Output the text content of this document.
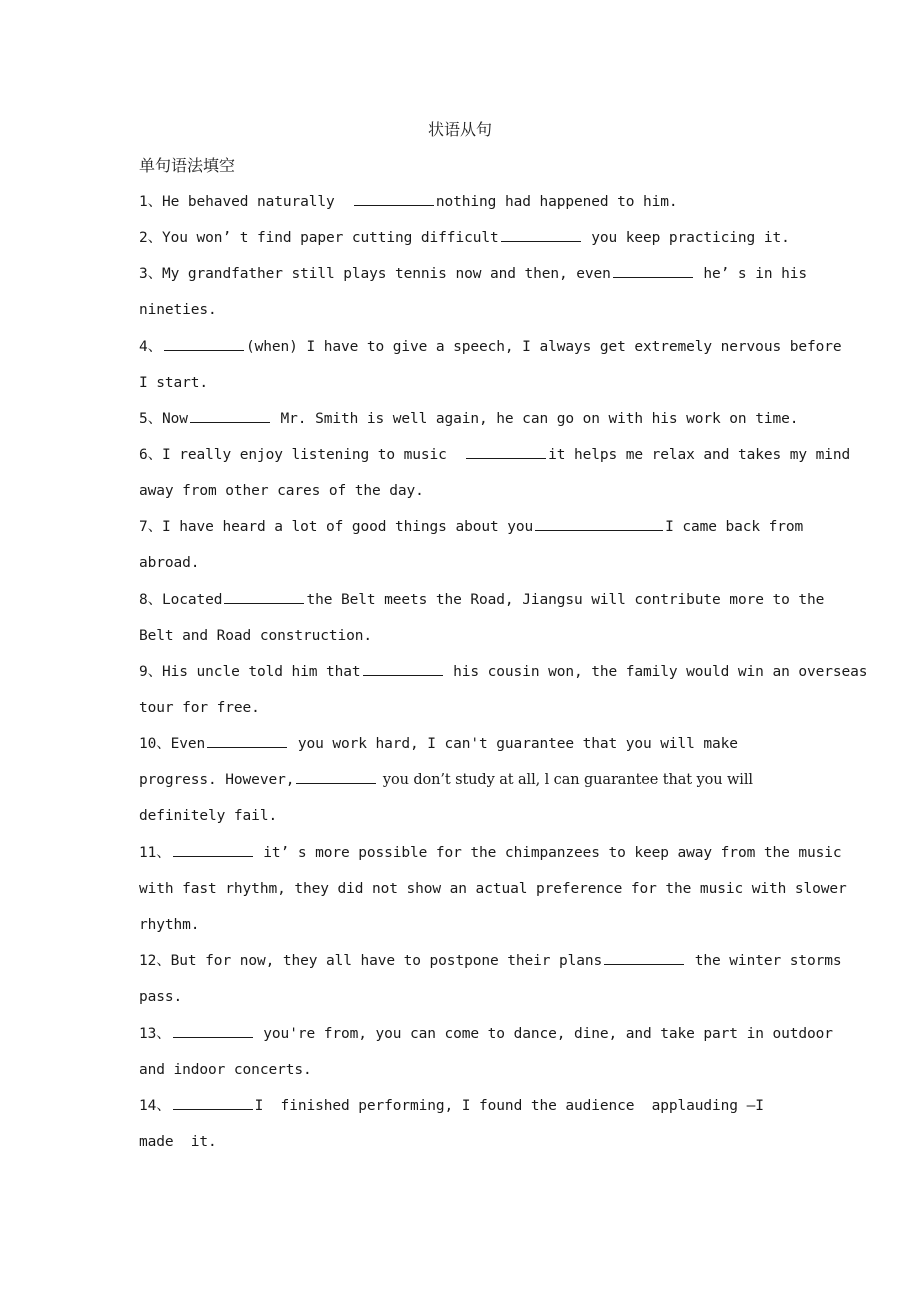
状语从句
单句语法填空
1、He behaved naturally	nothing had happened to him.
2、You won’ t find paper cutting difficult	you keep practicing it.
3、My grandfather still plays tennis now and then, even	he’ s in his
nineties.
4、	(when) I have to give a speech, I always get extremely nervous before
I start.
5、Now	Mr. Smith is well again, he can go on with his work on time.
6、I really enjoy listening to music	it helps me relax and takes my mind
away from other cares of the day.
7、I have heard a lot of good things about you	I came back from
abroad.
8、Located	the Belt meets the Road, Jiangsu will contribute more to the
Belt and Road construction.
9、His uncle told him that	his cousin won, the family would win an overseas
tour for free.
10、Even	you work hard, I can't guarantee that you will make
progress. However,	you don’t study at all, l can guarantee that you will
definitely fail.
11、	it’ s more possible for the chimpanzees to keep away from the music
with fast rhythm, they did not show an actual preference for the music with slower
rhythm.
12、But for now, they all have to postpone their plans	the winter storms
pass.
13、	you're from, you can come to dance, dine, and take part in outdoor
and indoor concerts.
14、	I  finished performing, I found the audience  applauding —I
made  it.
